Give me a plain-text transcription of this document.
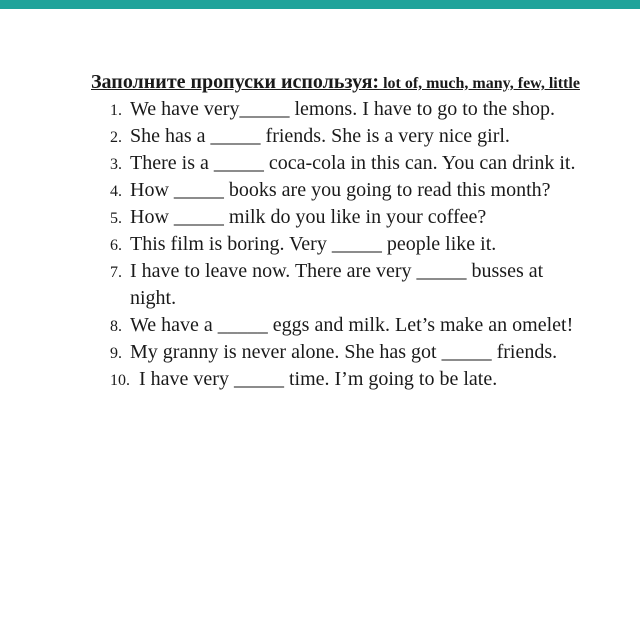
Заполните пропуски используя: lot of, much, many, few, little

1. We have very_____ lemons. I have to go to the shop.
2. She has a _____ friends. She is a very nice girl.
3. There is a _____ coca-cola in this can. You can drink it.
4. How _____ books are you going to read this month?
5. How _____ milk do you like in your coffee?
6. This film is boring. Very _____ people like it.
7. I have to leave now. There are very _____ busses at night.
8. We have a _____ eggs and milk. Let’s make an omelet!
9. My granny is never alone. She has got _____ friends.
10. I have very _____ time. I’m going to be late.
